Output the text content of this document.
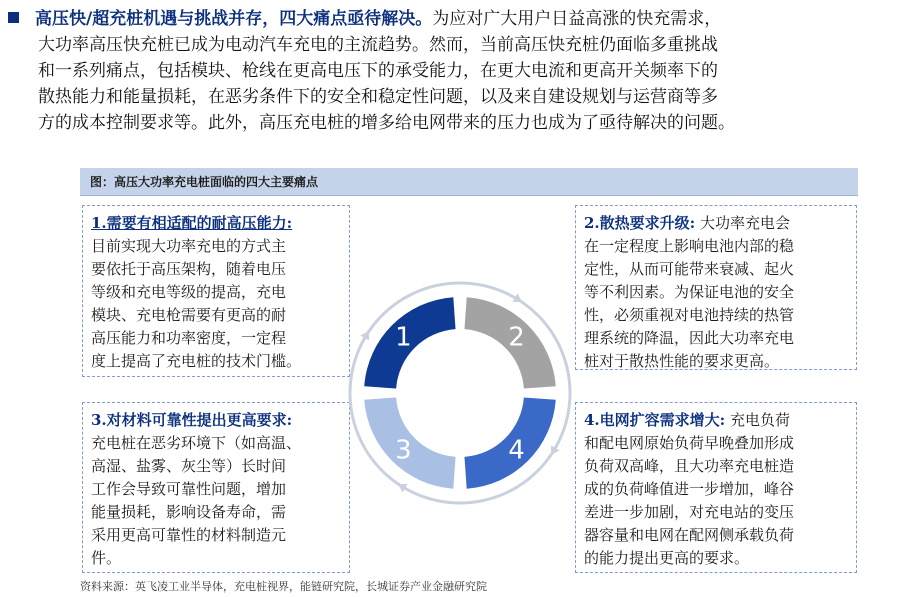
高压快/超充桩机遇与挑战并存，四大痛点亟待解决。为应对广大用户日益高涨的快充需求，
大功率高压快充桩已成为电动汽车充电的主流趋势。然而，当前高压快充桩仍面临多重挑战
和一系列痛点，包括模块、枪线在更高电压下的承受能力，在更大电流和更高开关频率下的
散热能力和能量损耗，在恶劣条件下的安全和稳定性问题，以及来自建设规划与运营商等多
方的成本控制要求等。此外，高压充电桩的增多给电网带来的压力也成为了亟待解决的问题。
图：高压大功率充电桩面临的四大主要痛点
1.需要有相适配的耐高压能力:
目前实现大功率充电的方式主
要依托于高压架构，随着电压
等级和充电等级的提高，充电
模块、充电枪需要有更高的耐
高压能力和功率密度，一定程
度上提高了充电桩的技术门槛。
2.散热要求升级: 大功率充电会
在一定程度上影响电池内部的稳
定性，从而可能带来衰减、起火
等不利因素。为保证电池的安全
性，必须重视对电池持续的热管
理系统的降温，因此大功率充电
桩对于散热性能的要求更高。
3.对材料可靠性提出更高要求:
充电桩在恶劣环境下（如高温、
高湿、盐雾、灰尘等）长时间
工作会导致可靠性问题，增加
能量损耗，影响设备寿命，需
采用更高可靠性的材料制造元
件。
4.电网扩容需求增大: 充电负荷
和配电网原始负荷早晚叠加形成
负荷双高峰，且大功率充电桩造
成的负荷峰值进一步增加，峰谷
差进一步加剧，对充电站的变压
器容量和电网在配网侧承载负荷
的能力提出更高的要求。
1	2
3	4
资料来源：英飞凌工业半导体，充电桩视界，能链研究院，长城证券产业金融研究院
